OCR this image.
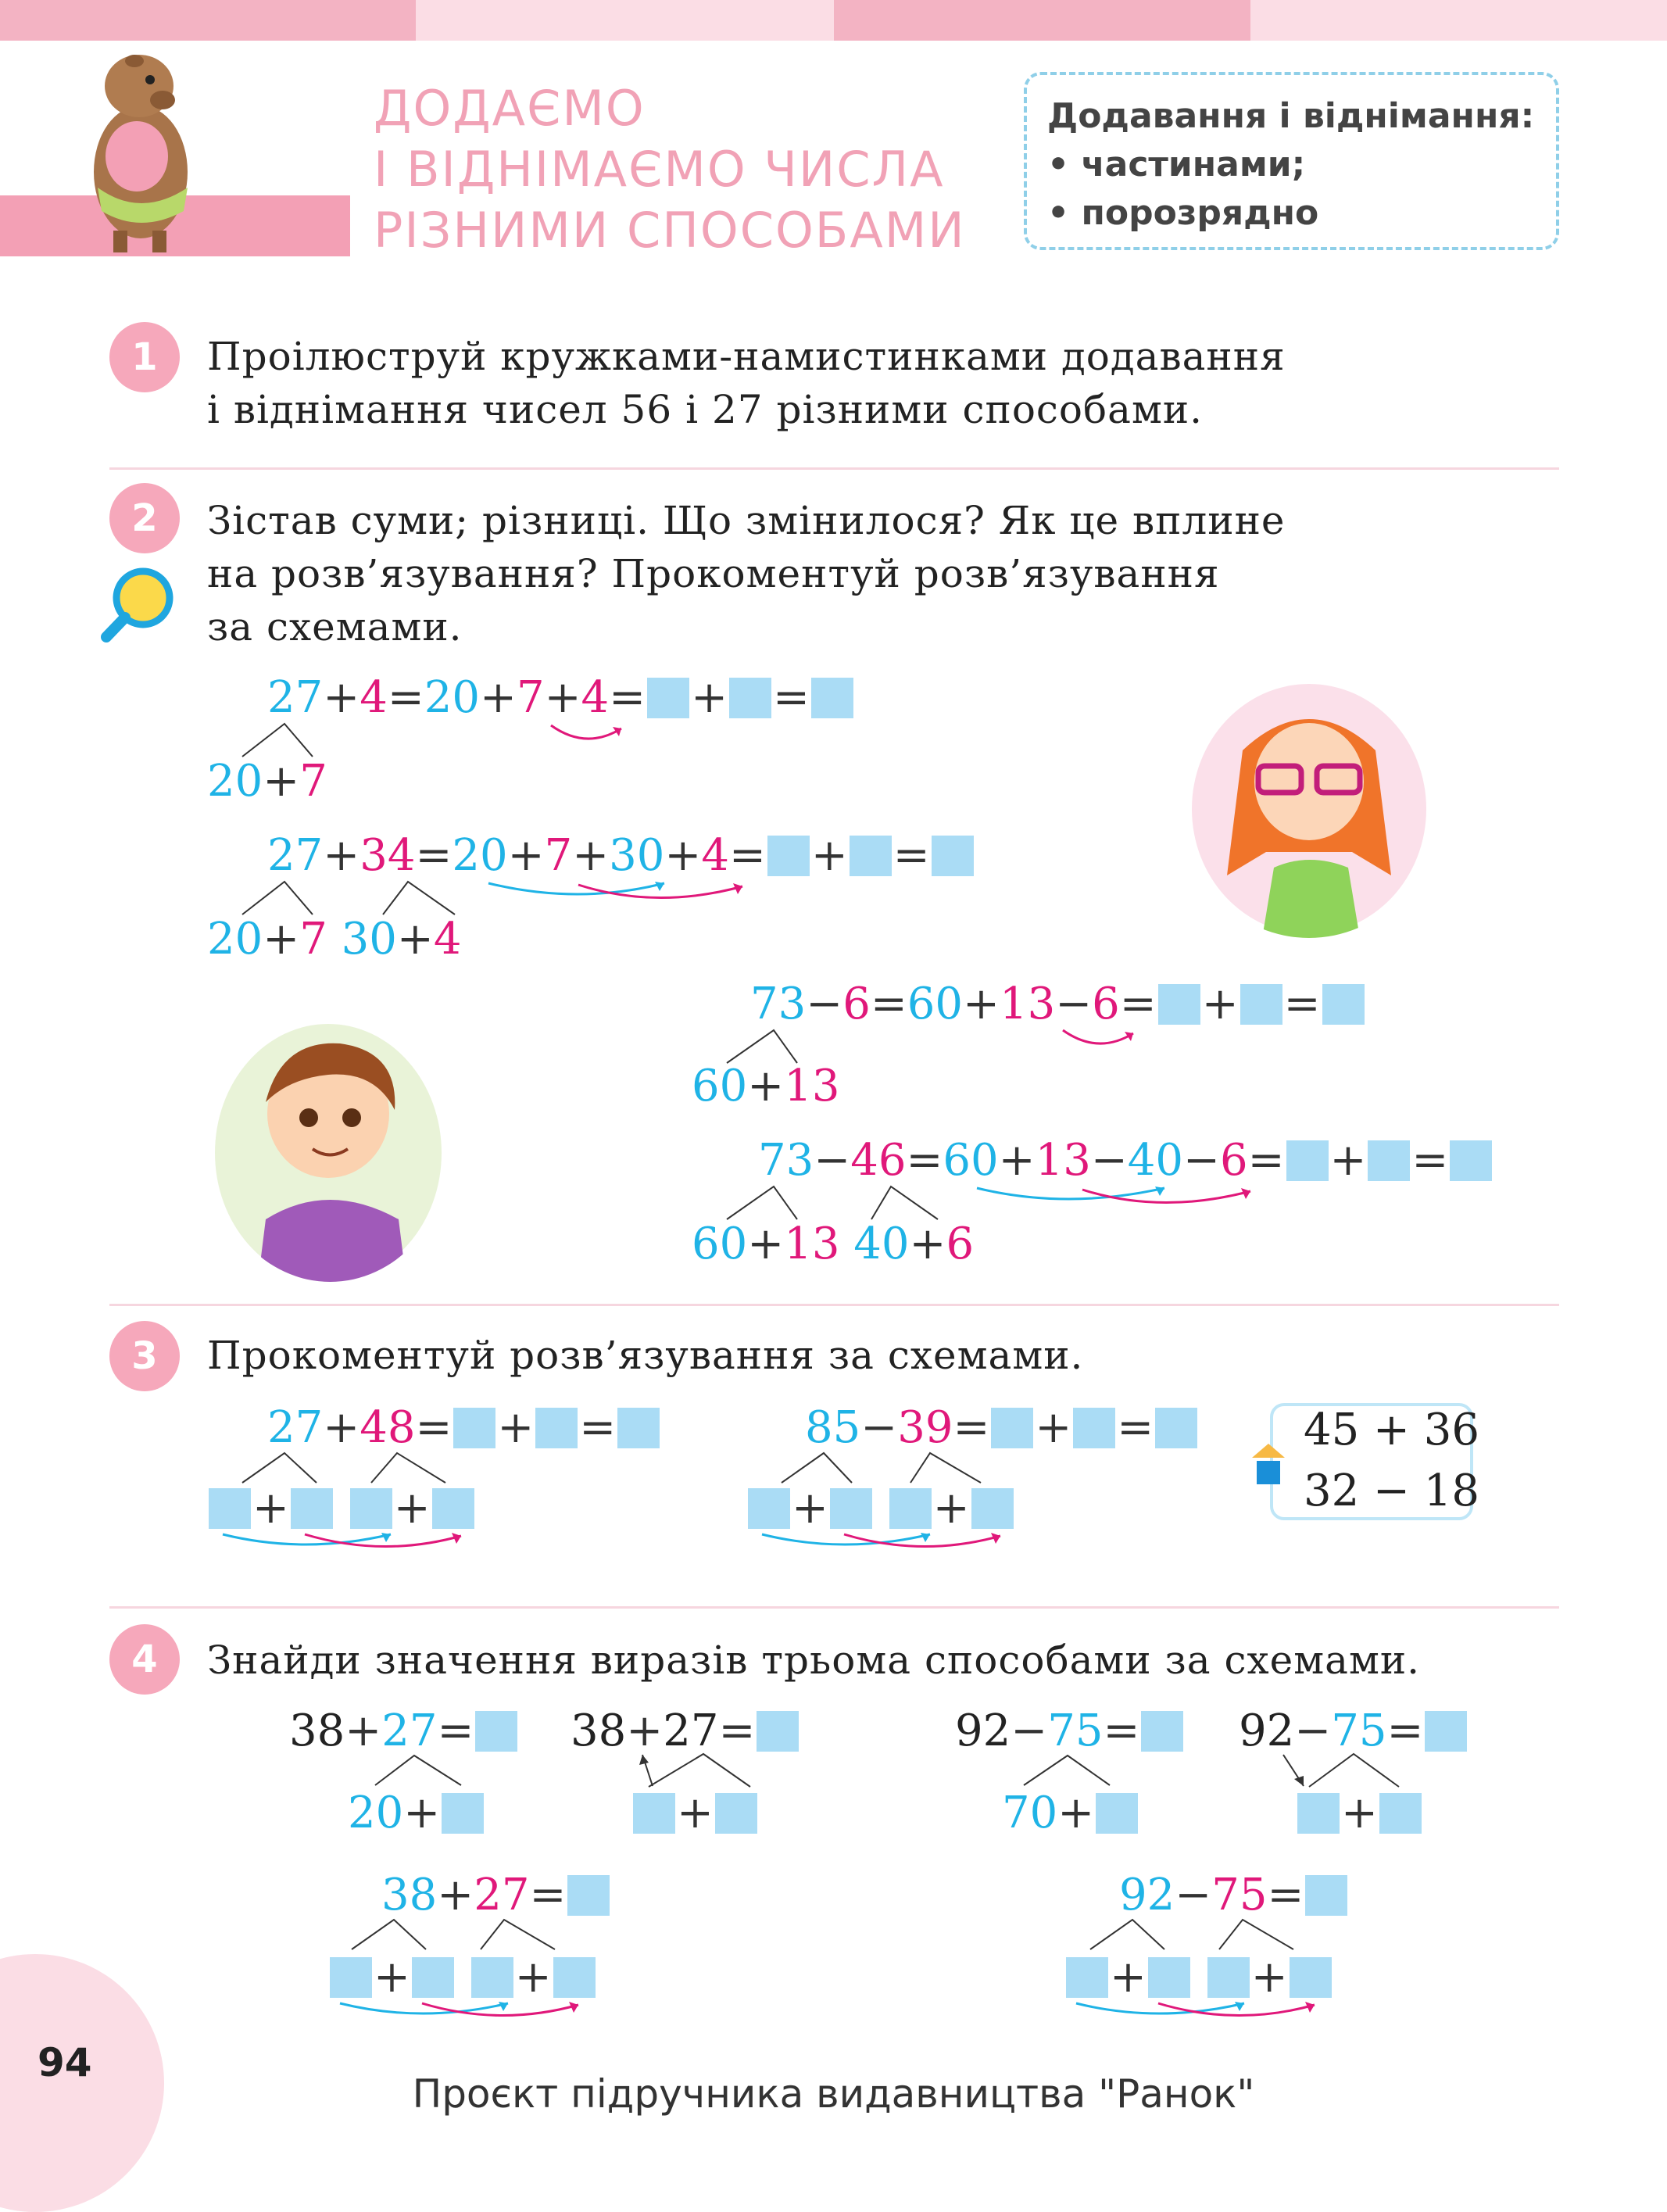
ДОДАЄМО
І ВІДНІМАЄМО ЧИСЛА
РІЗНИМИ СПОСОБАМИ
Додавання і віднімання:
• частинами;
• порозрядно
1	Проілюструй кружками-намистинками додавання
і віднімання чисел 56 і 27 різними способами.
2	Зістав суми; різниці. Що змінилося? Як це вплине
на розв’язування? Прокоментуй розв’язування
за схемами.
27+4=20+7+4= + =
20+7
27+34=20+7+30+4= + =
20+7 30+4
73−6=60+13−6= + =
60+13
73−46=60+13−40−6= + =
60+13 40+6
3	Прокоментуй розв’язування за схемами.
27+48= + =
+ +
85−39= + =
+ +
45 + 36
32 − 18
4	Знайди значення виразів трьома способами за схемами.
38+27=
20+
38+27=
+
92−75=
70+
92−75=
+
38+27=
+ +
92−75=
+ +
94
Проєкт підручника видавництва "Ранок"
